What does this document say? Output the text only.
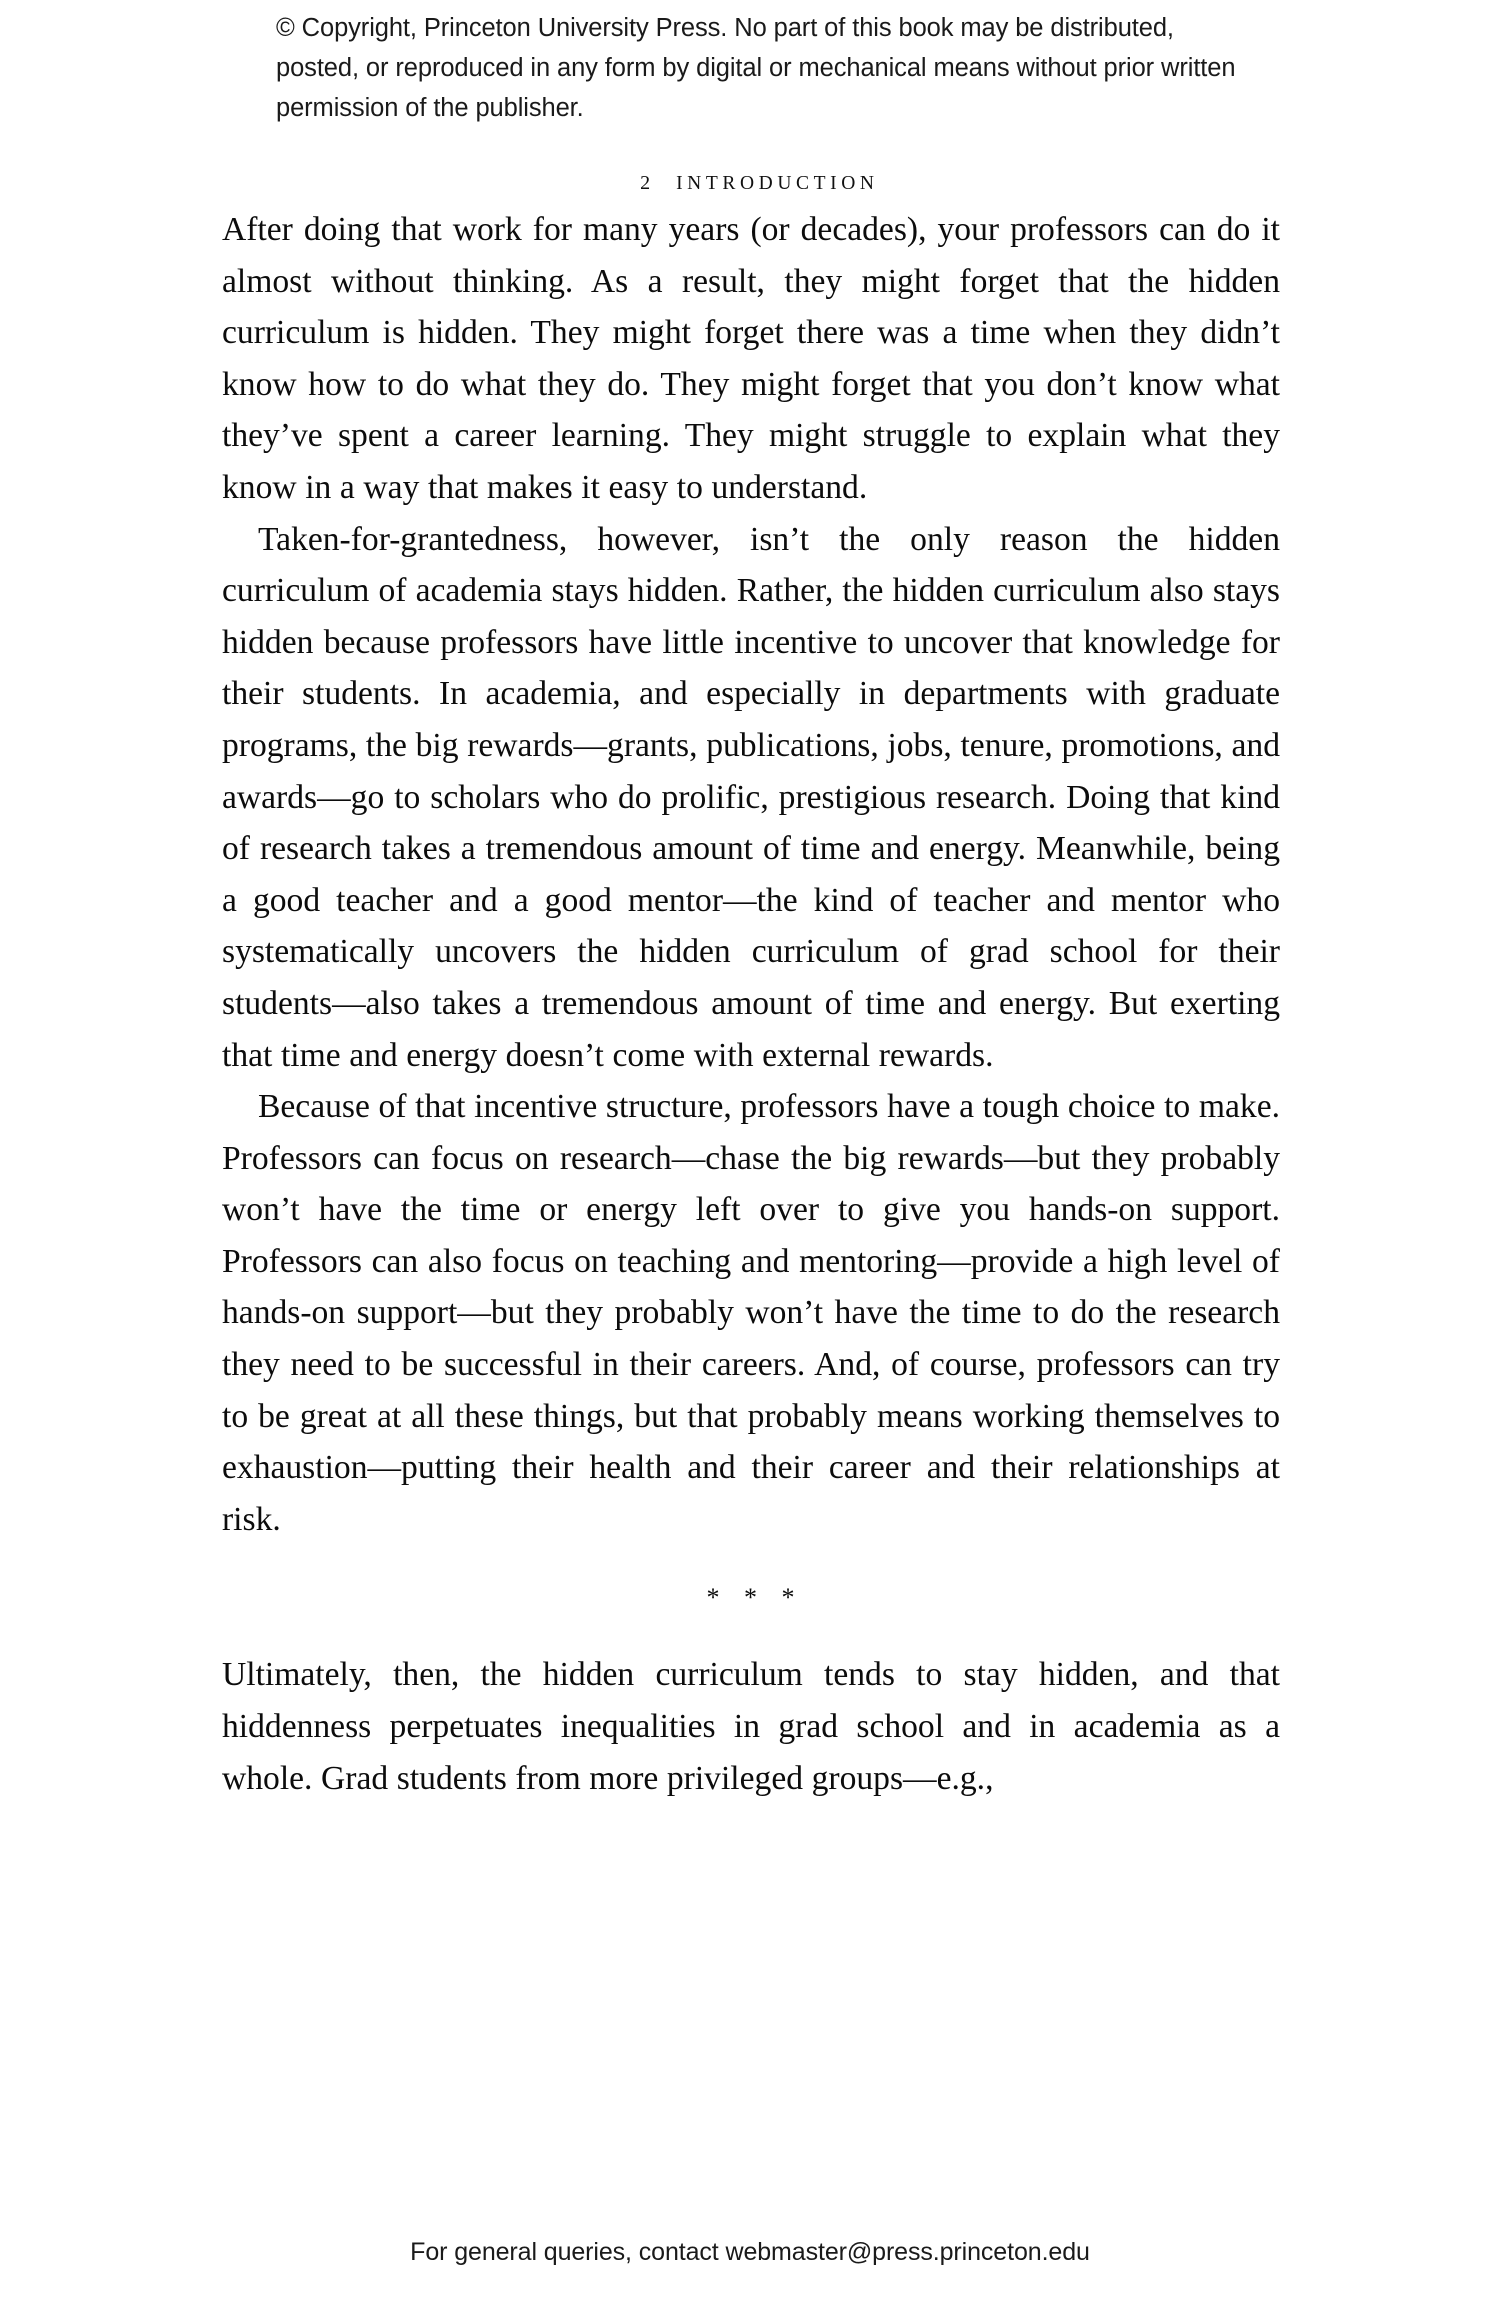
© Copyright, Princeton University Press. No part of this book may be distributed, posted, or reproduced in any form by digital or mechanical means without prior written permission of the publisher.

2 INTRODUCTION

After doing that work for many years (or decades), your professors can do it almost without thinking. As a result, they might forget that the hidden curriculum is hidden. They might forget there was a time when they didn’t know how to do what they do. They might forget that you don’t know what they’ve spent a career learning. They might struggle to explain what they know in a way that makes it easy to understand.

Taken-for-grantedness, however, isn’t the only reason the hidden curriculum of academia stays hidden. Rather, the hidden curriculum also stays hidden because professors have little incentive to uncover that knowledge for their students. In academia, and especially in departments with graduate programs, the big rewards—grants, publications, jobs, tenure, promotions, and awards—go to scholars who do prolific, prestigious research. Doing that kind of research takes a tremendous amount of time and energy. Meanwhile, being a good teacher and a good mentor—the kind of teacher and mentor who systematically uncovers the hidden curriculum of grad school for their students—also takes a tremendous amount of time and energy. But exerting that time and energy doesn’t come with external rewards.

Because of that incentive structure, professors have a tough choice to make. Professors can focus on research—chase the big rewards—but they probably won’t have the time or energy left over to give you hands-on support. Professors can also focus on teaching and mentoring—provide a high level of hands-on support—but they probably won’t have the time to do the research they need to be successful in their careers. And, of course, professors can try to be great at all these things, but that probably means working themselves to exhaustion—putting their health and their career and their relationships at risk.

* * *

Ultimately, then, the hidden curriculum tends to stay hidden, and that hiddenness perpetuates inequalities in grad school and in academia as a whole. Grad students from more privileged groups—e.g.,

For general queries, contact webmaster@press.princeton.edu
